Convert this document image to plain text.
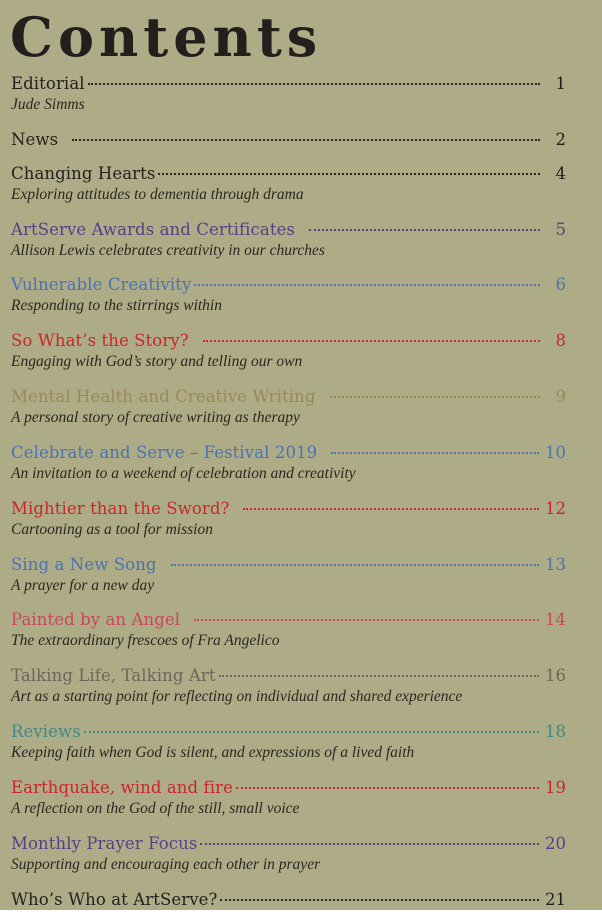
Contents
Editorial	1
Jude Simms
News	2
Changing Hearts	4
Exploring attitudes to dementia through drama
ArtServe Awards and Certificates	5
Allison Lewis celebrates creativity in our churches
Vulnerable Creativity	6
Responding to the stirrings within
So What’s the Story?	8
Engaging with God’s story and telling our own
Mental Health and Creative Writing	9
A personal story of creative writing as therapy
Celebrate and Serve – Festival 2019	10
An invitation to a weekend of celebration and creativity
Mightier than the Sword?	12
Cartooning as a tool for mission
Sing a New Song	13
A prayer for a new day
Painted by an Angel	14
The extraordinary frescoes of Fra Angelico
Talking Life, Talking Art	16
Art as a starting point for reflecting on individual and shared experience
Reviews	18
Keeping faith when God is silent, and expressions of a lived faith
Earthquake, wind and fire	19
A reflection on the God of the still, small voice
Monthly Prayer Focus	20
Supporting and encouraging each other in prayer
Who’s Who at ArtServe?	21
